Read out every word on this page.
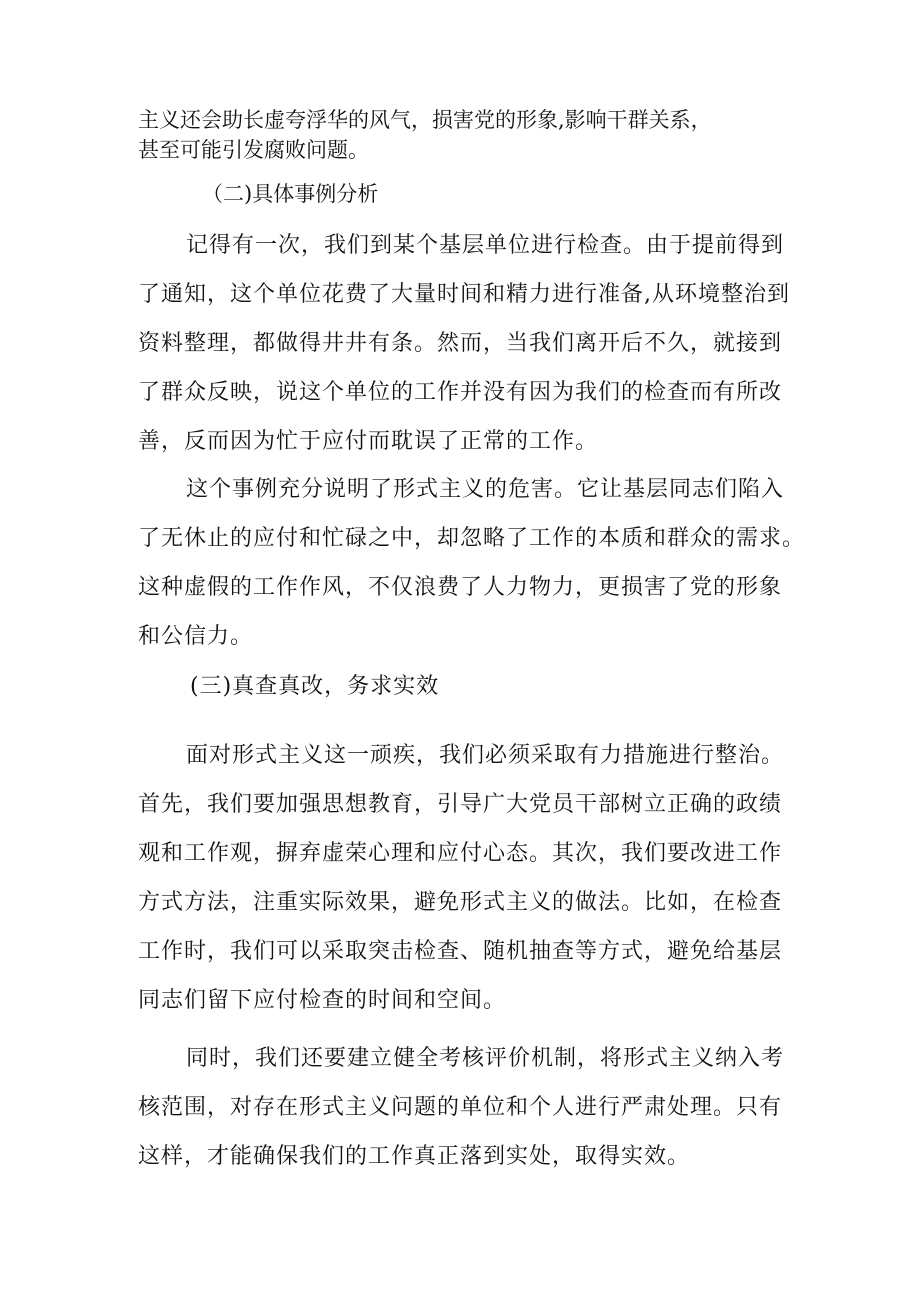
主义还会助长虚夸浮华的风气，损害党的形象,影响干群关系，
甚至可能引发腐败问题。
（二)具体事例分析
记得有一次，我们到某个基层单位进行检查。由于提前得到
了通知，这个单位花费了大量时间和精力进行准备,从环境整治到
资料整理，都做得井井有条。然而，当我们离开后不久，就接到
了群众反映，说这个单位的工作并没有因为我们的检查而有所改
善，反而因为忙于应付而耽误了正常的工作。
这个事例充分说明了形式主义的危害。它让基层同志们陷入
了无休止的应付和忙碌之中，却忽略了工作的本质和群众的需求。
这种虚假的工作作风，不仅浪费了人力物力，更损害了党的形象
和公信力。
(三)真查真改，务求实效
面对形式主义这一顽疾，我们必须采取有力措施进行整治。
首先，我们要加强思想教育，引导广大党员干部树立正确的政绩
观和工作观，摒弃虚荣心理和应付心态。其次，我们要改进工作
方式方法，注重实际效果，避免形式主义的做法。比如，在检查
工作时，我们可以采取突击检查、随机抽查等方式，避免给基层
同志们留下应付检查的时间和空间。
同时，我们还要建立健全考核评价机制，将形式主义纳入考
核范围，对存在形式主义问题的单位和个人进行严肃处理。只有
这样，才能确保我们的工作真正落到实处，取得实效。
